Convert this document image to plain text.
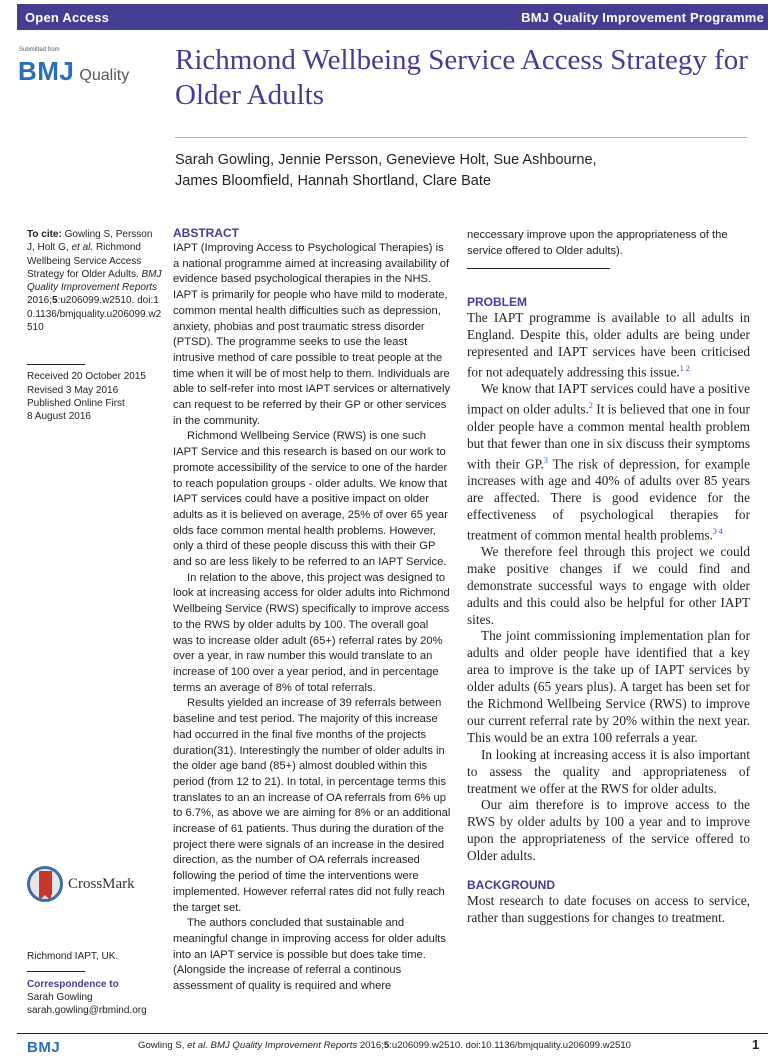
Open Access	BMJ Quality Improvement Programme
Submitted from
BMJ Quality Richmond Wellbeing Service Access Strategy for Older Adults
Sarah Gowling, Jennie Persson, Genevieve Holt, Sue Ashbourne,
James Bloomfield, Hannah Shortland, Clare Bate
To cite: Gowling S, Persson J, Holt G, et al. Richmond Wellbeing Service Access Strategy for Older Adults. BMJ Quality Improvement Reports 2016;5:u206099.w2510. doi:10.1136/bmjquality.u206099.w2510
Received 20 October 2015
Revised 3 May 2016
Published Online First
8 August 2016
CrossMark
Richmond IAPT, UK.
Correspondence to
Sarah Gowling
sarah.gowling@rbmind.org
ABSTRACT

IAPT (Improving Access to Psychological Therapies) is a national programme aimed at increasing availability of evidence based psychological therapies in the NHS. IAPT is primarily for people who have mild to moderate, common mental health difficulties such as depression, anxiety, phobias and post traumatic stress disorder (PTSD). The programme seeks to use the least intrusive method of care possible to treat people at the time when it will be of most help to them. Individuals are able to self-refer into most IAPT services or alternatively can request to be referred by their GP or other services in the community.

Richmond Wellbeing Service (RWS) is one such IAPT Service and this research is based on our work to promote accessibility of the service to one of the harder to reach population groups - older adults. We know that IAPT services could have a positive impact on older adults as it is believed on average, 25% of over 65 year olds face common mental health problems. However, only a third of these people discuss this with their GP and so are less likely to be referred to an IAPT Service.

In relation to the above, this project was designed to look at increasing access for older adults into Richmond Wellbeing Service (RWS) specifically to improve access to the RWS by older adults by 100. The overall goal was to increase older adult (65+) referral rates by 20% over a year, in raw number this would translate to an increase of 100 over a year period, and in percentage terms an average of 8% of total referrals.

Results yielded an increase of 39 referrals between baseline and test period. The majority of this increase had occurred in the final five months of the projects duration(31). Interestingly the number of older adults in the older age band (85+) almost doubled within this period (from 12 to 21). In total, in percentage terms this translates to an an increase of OA referrals from 6% up to 6.7%, as above we are aiming for 8% or an additional increase of 61 patients. Thus during the duration of the project there were signals of an increase in the desired direction, as the number of OA referrals increased following the period of time the interventions were implemented. However referral rates did not fully reach the target set.

The authors concluded that sustainable and meaningful change in improving access for older adults into an IAPT service is possible but does take time. (Alongside the increase of referral a continous assessment of quality is required and where

neccessary improve upon the appropriateness of the service offered to Older adults).

PROBLEM

The IAPT programme is available to all adults in England. Despite this, older adults are being under represented and IAPT services have been criticised for not adequately addressing this issue.$^{1 2}$

We know that IAPT services could have a positive impact on older adults.$^2$ It is believed that one in four older people have a common mental health problem but that fewer than one in six discuss their symptoms with their GP.$^3$ The risk of depression, for example increases with age and 40% of adults over 85 years are affected. There is good evidence for the effectiveness of psychological therapies for treatment of common mental health problems.$^{3 4}$

We therefore feel through this project we could make positive changes if we could find and demonstrate successful ways to engage with older adults and this could also be helpful for other IAPT sites.

The joint commissioning implementation plan for adults and older people have identified that a key area to improve is the take up of IAPT services by older adults (65 years plus). A target has been set for the Richmond Wellbeing Service (RWS) to improve our current referral rate by 20% within the next year. This would be an extra 100 referrals a year.

In looking at increasing access it is also important to assess the quality and appropriateness of treatment we offer at the RWS for older adults.

Our aim therefore is to improve access to the RWS by older adults by 100 a year and to improve upon the appropriateness of the service offered to Older adults.

BACKGROUND

Most research to date focuses on access to service, rather than suggestions for changes to treatment.

BMJ	Gowling S, et al. BMJ Quality Improvement Reports 2016;5:u206099.w2510. doi:10.1136/bmjquality.u206099.w2510	1
